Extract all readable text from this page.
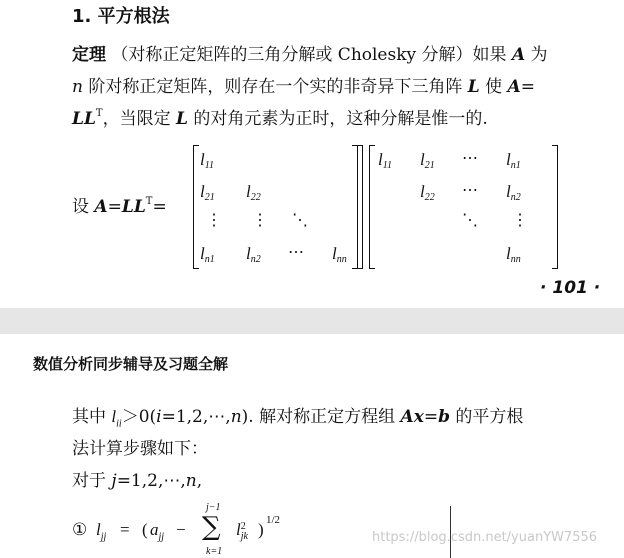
1. 平方根法
定理 （对称正定矩阵的三角分解或 Cholesky 分解）如果 A 为
n 阶对称正定矩阵，则存在一个实的非奇异下三角阵 L 使 A=
$LL^T$，当限定 L 的对角元素为正时，这种分解是惟一的.
设 $A=LL^T=$
$l_{11}$
$l_{21}$ $l_{22}$
⋮ ⋮ ⋱
$l_{n1}$ $l_{n2}$ ⋯ $l_{nn}$
$l_{11}$ $l_{21}$ ⋯ $l_{n1}$
$l_{22}$ ⋯ $l_{n2}$
⋱ ⋮
$l_{nn}$
· 101 ·
数值分析同步辅导及习题全解
其中 $l_{ii}>0(i=1,2,\cdots,n)$. 解对称正定方程组 Ax=b 的平方根
法计算步骤如下：
对于 j=1,2,⋯,n,
① $l_{jj}$ = ( $a_{jj}$ −
j−1
∑
k=1
l 2
jk ) 1/2
https://blog.csdn.net/yuanYW7556
